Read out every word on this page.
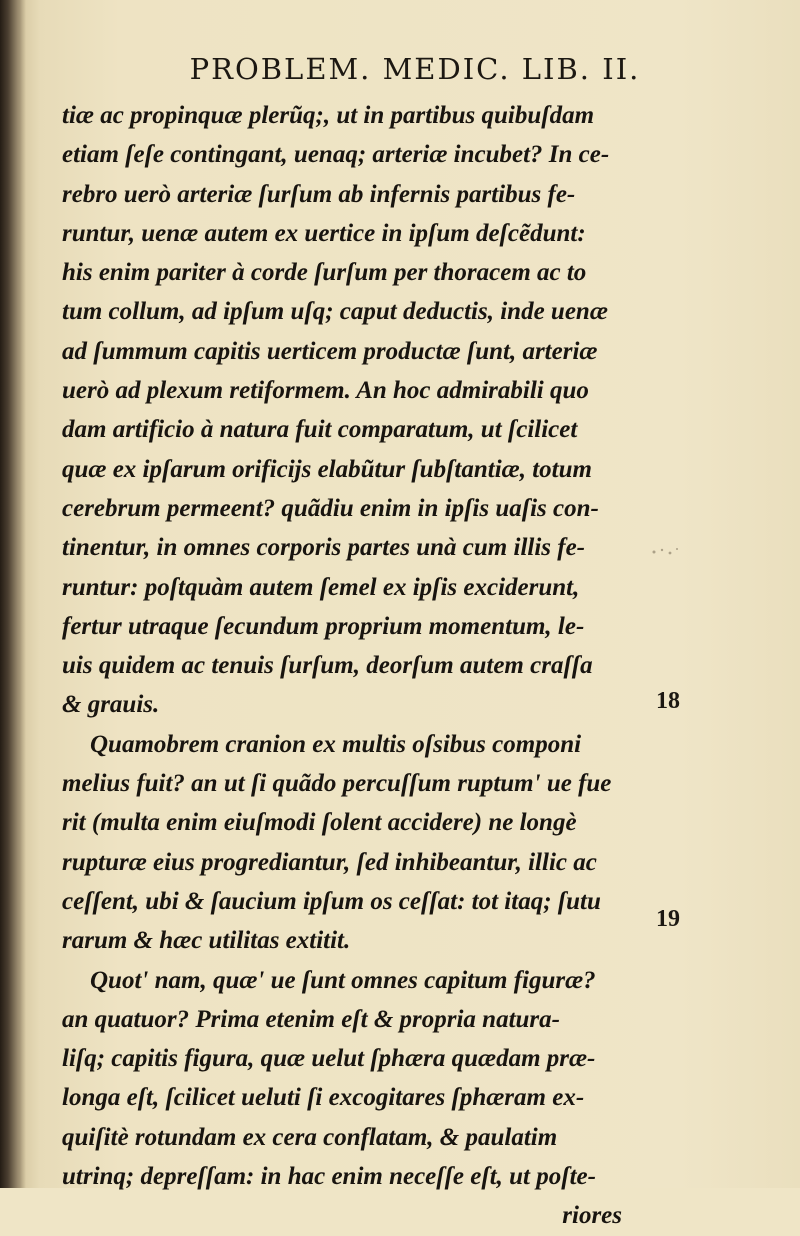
PROBLEM. MEDIC. LIB. II.
tiæ ac propinquæ plerũq;, ut in partibus quibuſdam
etiam ſeſe contingant, uenaq; arteriæ incubet? In ce-
rebro uerò arteriæ ſurſum ab infernis partibus fe-
runtur, uenæ autem ex uertice in ipſum deſcẽdunt:
his enim pariter à corde ſurſum per thoracem ac to
tum collum, ad ipſum uſq; caput deductis, inde uenæ
ad ſummum capitis uerticem productæ ſunt, arteriæ
uerò ad plexum retiformem. An hoc admirabili quo
dam artificio à natura fuit comparatum, ut ſcilicet
quæ ex ipſarum orificijs elabũtur ſubſtantiæ, totum
cerebrum permeent? quãdiu enim in ipſis uaſis con-
tinentur, in omnes corporis partes unà cum illis fe-
runtur: poſtquàm autem ſemel ex ipſis exciderunt,
fertur utraque ſecundum proprium momentum, le-
uis quidem ac tenuis ſurſum, deorſum autem craſſa
& grauis.
Quamobrem cranion ex multis oſsibus componi
melius fuit? an ut ſi quãdo percuſſum ruptum' ue fue
rit (multa enim eiuſmodi ſolent accidere) ne longè
rupturæ eius progrediantur, ſed inhibeantur, illic ac
ceſſent, ubi & ſaucium ipſum os ceſſat: tot itaq; ſutu
rarum & hæc utilitas extitit.
Quot' nam, quæ' ue ſunt omnes capitum figuræ?
an quatuor? Prima etenim eſt & propria natura-
liſq; capitis figura, quæ uelut ſphæra quædam præ-
longa eſt, ſcilicet ueluti ſi excogitares ſphæram ex-
quiſitè rotundam ex cera conflatam, & paulatim
utrinq; depreſſam: in hac enim neceſſe eſt, ut poſte-
riores
18
19
